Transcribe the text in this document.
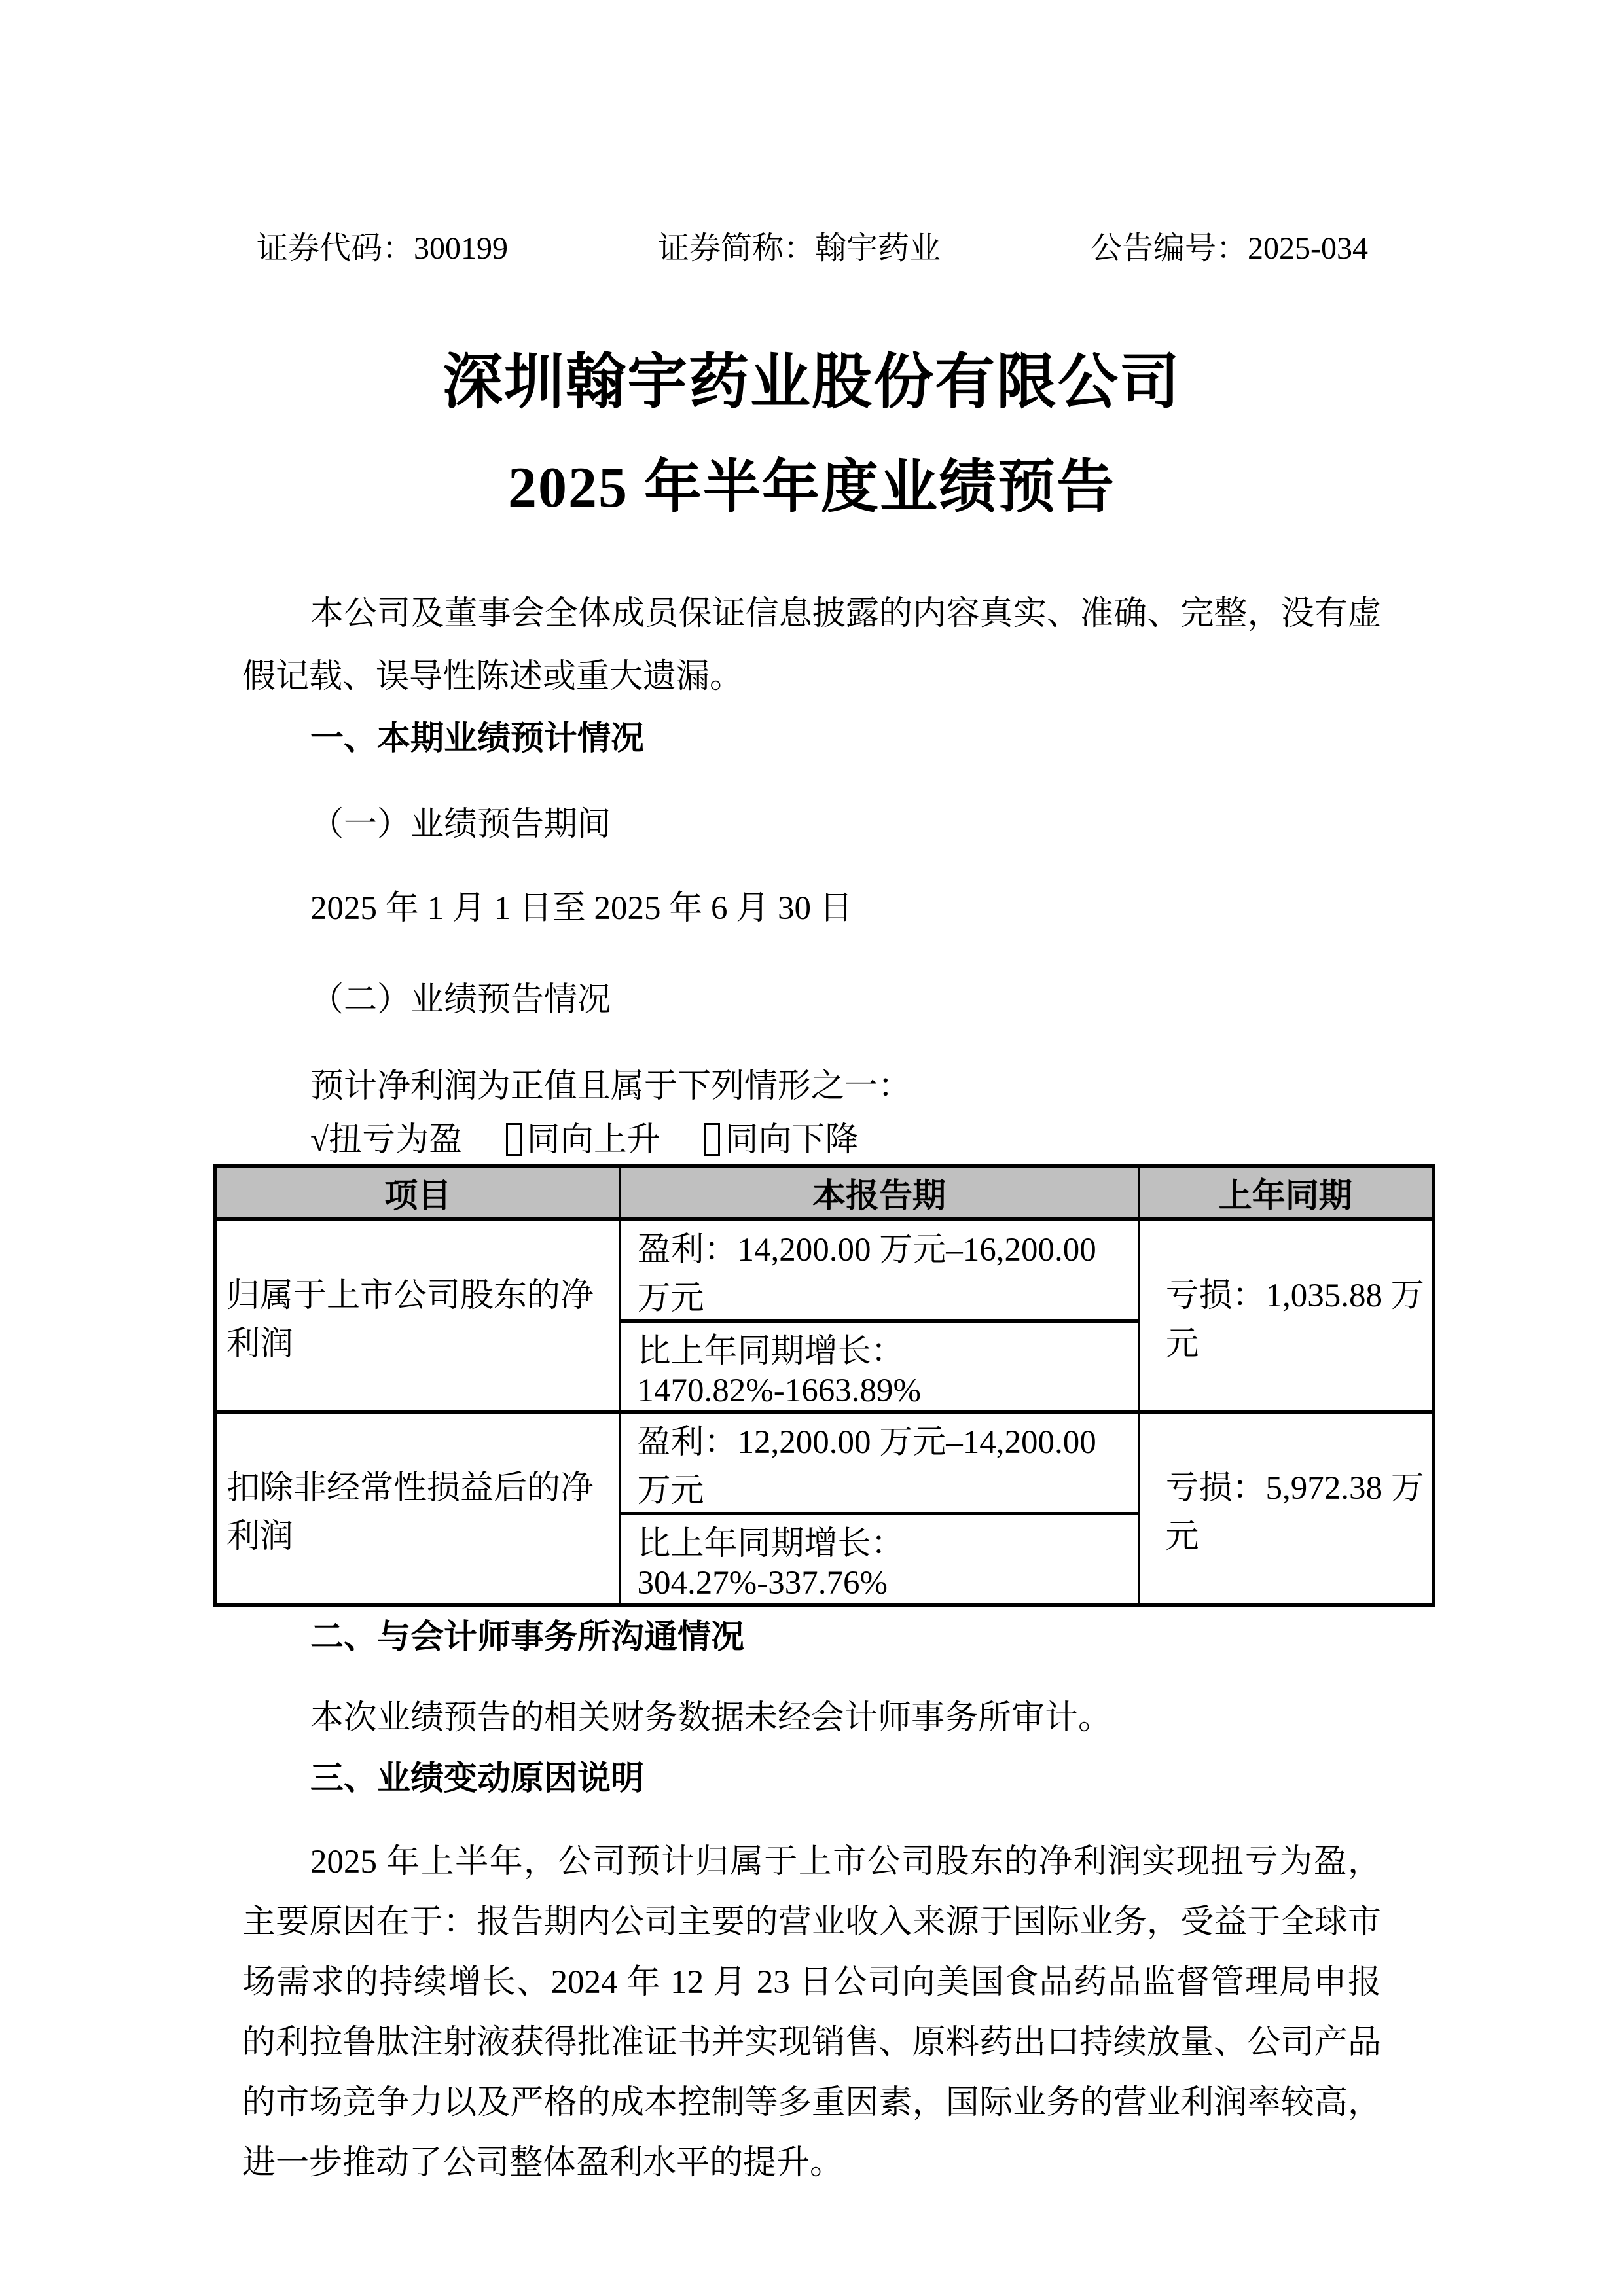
证券代码：300199	证券简称：翰宇药业	公告编号：2025-034
深圳翰宇药业股份有限公司
2025 年半年度业绩预告

本公司及董事会全体成员保证信息披露的内容真实、准确、完整，没有虚假记载、误导性陈述或重大遗漏。

一、本期业绩预计情况

（一）业绩预告期间

2025 年 1 月 1 日至 2025 年 6 月 30 日

（二）业绩预告情况

预计净利润为正值且属于下列情形之一：

√扭亏为盈 同向上升 同向下降

项目	本报告期	上年同期
归属于上市公司股东的净利润	盈利：14,200.00 万元–16,200.00 万元	亏损：1,035.88 万元
	比上年同期增长：1470.82%-1663.89%	
扣除非经常性损益后的净利润	盈利：12,200.00 万元–14,200.00 万元	亏损：5,972.38 万元
	比上年同期增长：304.27%-337.76%	
二、与会计师事务所沟通情况

本次业绩预告的相关财务数据未经会计师事务所审计。

三、业绩变动原因说明

2025 年上半年，公司预计归属于上市公司股东的净利润实现扭亏为盈，主要原因在于：报告期内公司主要的营业收入来源于国际业务，受益于全球市场需求的持续增长、2024 年 12 月 23 日公司向美国食品药品监督管理局申报的利拉鲁肽注射液获得批准证书并实现销售、原料药出口持续放量、公司产品的市场竞争力以及严格的成本控制等多重因素，国际业务的营业利润率较高，进一步推动了公司整体盈利水平的提升。
